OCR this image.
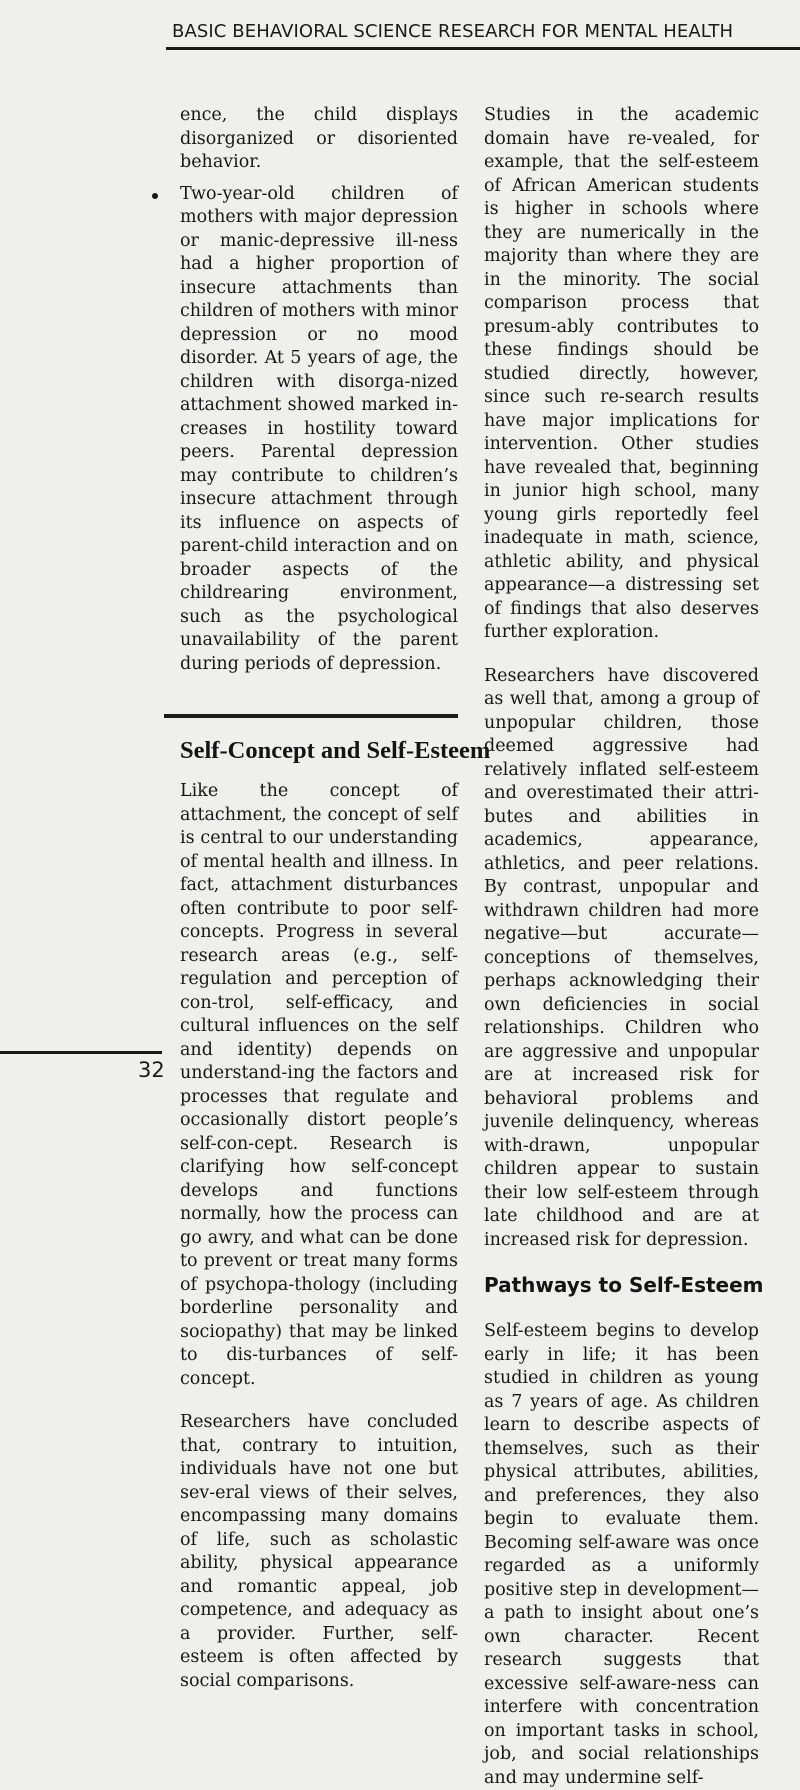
BASIC BEHAVIORAL SCIENCE RESEARCH FOR MENTAL HEALTH

ence, the child displays disorganized or disoriented behavior.

Two-year-old children of mothers with major depression or manic-depressive ill-ness had a higher proportion of insecure attachments than children of mothers with minor depression or no mood disorder. At 5 years of age, the children with disorga-nized attachment showed marked in-creases in hostility toward peers. Parental depression may contribute to children’s insecure attachment through its influence on aspects of parent-child interaction and on broader aspects of the childrearing environment, such as the psychological unavailability of the parent during periods of depression.

Self-Concept and Self-Esteem

Like the concept of attachment, the concept of self is central to our understanding of mental health and illness. In fact, attachment disturbances often contribute to poor self-concepts. Progress in several research areas (e.g., self-regulation and perception of con-trol, self-efficacy, and cultural influences on the self and identity) depends on understand-ing the factors and processes that regulate and occasionally distort people’s self-con-cept. Research is clarifying how self-concept develops and functions normally, how the process can go awry, and what can be done to prevent or treat many forms of psychopa-thology (including borderline personality and sociopathy) that may be linked to dis-turbances of self-concept.

Researchers have concluded that, contrary to intuition, individuals have not one but sev-eral views of their selves, encompassing many domains of life, such as scholastic ability, physical appearance and romantic appeal, job competence, and adequacy as a provider. Further, self-esteem is often affected by social comparisons.

Studies in the academic domain have re-vealed, for example, that the self-esteem of African American students is higher in schools where they are numerically in the majority than where they are in the minority. The social comparison process that presum-ably contributes to these findings should be studied directly, however, since such re-search results have major implications for intervention. Other studies have revealed that, beginning in junior high school, many young girls reportedly feel inadequate in math, science, athletic ability, and physical appearance—a distressing set of findings that also deserves further exploration.

Researchers have discovered as well that, among a group of unpopular children, those deemed aggressive had relatively inflated self-esteem and overestimated their attri-butes and abilities in academics, appearance, athletics, and peer relations. By contrast, unpopular and withdrawn children had more negative—but accurate—conceptions of themselves, perhaps acknowledging their own deficiencies in social relationships. Children who are aggressive and unpopular are at increased risk for behavioral problems and juvenile delinquency, whereas with-drawn, unpopular children appear to sustain their low self-esteem through late childhood and are at increased risk for depression.

Pathways to Self-Esteem

Self-esteem begins to develop early in life; it has been studied in children as young as 7 years of age. As children learn to describe aspects of themselves, such as their physical attributes, abilities, and preferences, they also begin to evaluate them. Becoming self-aware was once regarded as a uniformly positive step in development—a path to insight about one’s own character. Recent research suggests that excessive self-aware-ness can interfere with concentration on important tasks in school, job, and social relationships and may undermine self-

32
